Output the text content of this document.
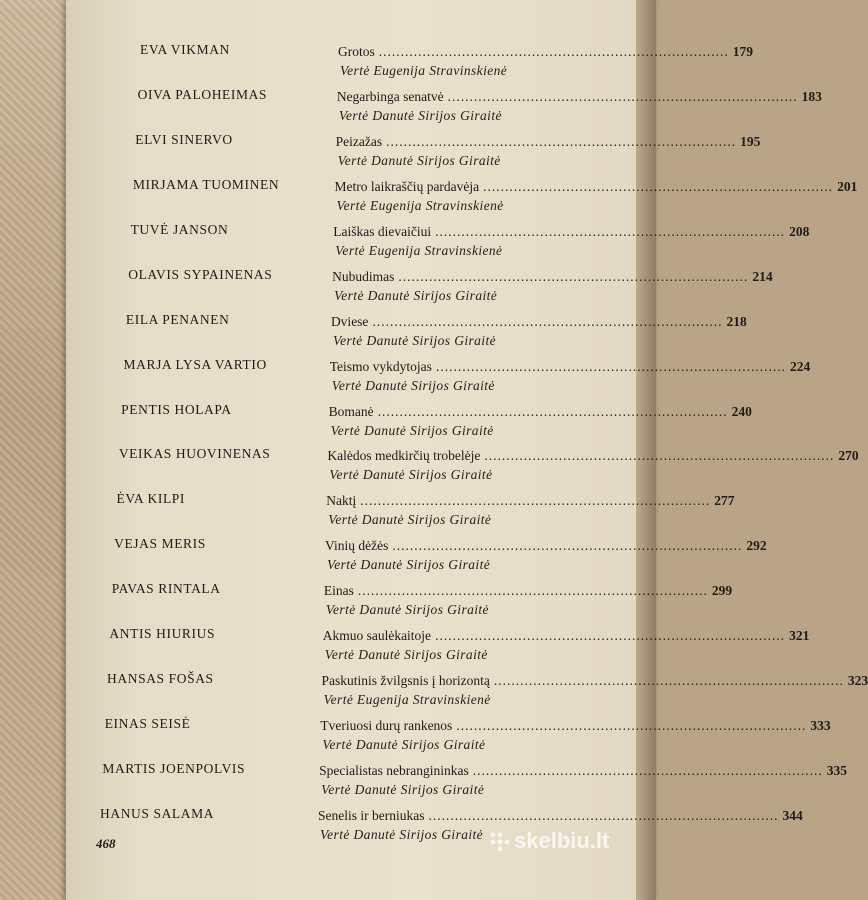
EVA VIKMAN	Grotos ................................................................................ 179
Vertė Eugenija Stravinskienė
OIVA PALOHEIMAS	Negarbinga senatvė ................................................................................ 183
Vertė Danutė Sirijos Giraitė
ELVI SINERVO	Peizažas ................................................................................ 195
Vertė Danutė Sirijos Giraitė
MIRJAMA TUOMINEN	Metro laikraščių pardavėja ................................................................................ 201
Vertė Eugenija Stravinskienė
TUVĖ JANSON	Laiškas dievaičiui ................................................................................ 208
Vertė Eugenija Stravinskienė
OLAVIS SYPAINENAS	Nubudimas ................................................................................ 214
Vertė Danutė Sirijos Giraitė
EILA PENANEN	Dviese ................................................................................ 218
Vertė Danutė Sirijos Giraitė
MARJA LYSA VARTIO	Teismo vykdytojas ................................................................................ 224
Vertė Danutė Sirijos Giraitė
PENTIS HOLAPA	Bomanė ................................................................................ 240
Vertė Danutė Sirijos Giraitė
VEIKAS HUOVINENAS	Kalėdos medkirčių trobelėje ................................................................................ 270
Vertė Danutė Sirijos Giraitė
ĖVA KILPI	Naktį ................................................................................ 277
Vertė Danutė Sirijos Giraitė
VEJAS MERIS	Vinių dėžės ................................................................................ 292
Vertė Danutė Sirijos Giraitė
PAVAS RINTALA	Einas ................................................................................ 299
Vertė Danutė Sirijos Giraitė
ANTIS HIURIUS	Akmuo saulėkaitoje ................................................................................ 321
Vertė Danutė Sirijos Giraitė
HANSAS FOŠAS	Paskutinis žvilgsnis į horizontą ................................................................................ 323
Vertė Eugenija Stravinskienė
EINAS SEISĖ	Tveriuosi durų rankenos ................................................................................ 333
Vertė Danutė Sirijos Giraitė
MARTIS JOENPOLVIS	Specialistas nebrangininkas ................................................................................ 335
Vertė Danutė Sirijos Giraitė
HANUS SALAMA	Senelis ir berniukas ................................................................................ 344
Vertė Danutė Sirijos Giraitė
468	skelbiu.lt
